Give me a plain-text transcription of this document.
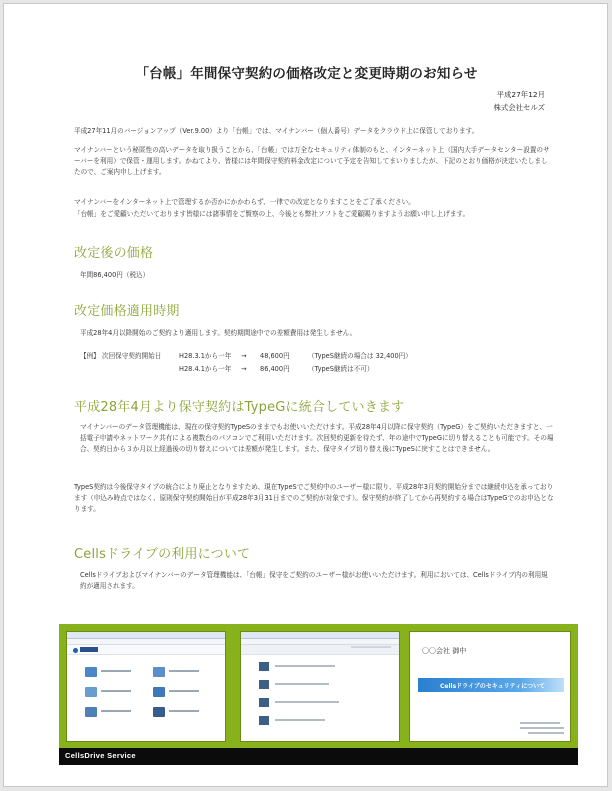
「台帳」年間保守契約の価格改定と変更時期のお知らせ
平成27年12月
株式会社セルズ
平成27年11月のバージョンアップ（Ver.9.00）より「台帳」では、マイナンバー（個人番号）データをクラウド上に保管しております。
マイナンバーという秘匿性の高いデータを取り扱うことから、「台帳」では万全なセキュリティ体制のもと、インターネット上（国内大手データセンター設置のサーバーを利用）で保管・運用します。かねてより、皆様には年間保守契約料金改定について予定を告知してまいりましたが、下記のとおり価格が決定いたしましたので、ご案内申し上げます。
マイナンバーをインターネット上で管理するか否かにかかわらず、一律での改定となりますことをご了承ください。
「台帳」をご愛顧いただいております皆様には諸事情をご賢察の上、今後とも弊社ソフトをご愛顧賜りますようお願い申し上げます。
改定後の価格
年間86,400円（税込）
改定価格適用時期
平成28年4月以降開始のご契約より適用します。契約期間途中での差額費用は発生しません。
【例】 次回保守契約開始日	H28.3.1から一年 → 48,600円	（TypeS継続の場合は 32,400円）
H28.4.1から一年 → 86,400円	（TypeS継続は不可）
平成28年4月より保守契約はTypeGに統合していきます
マイナンバーのデータ管理機能は、現在の保守契約TypeSのままでもお使いいただけます。平成28年4月以降に保守契約（TypeG）をご契約いただきますと、一括電子申請やネットワーク共有による複数台のパソコンでご利用いただけます。次回契約更新を待たず、年の途中でTypeGに切り替えることも可能です。その場合、契約日から３か月以上経過後の切り替えについては差額が発生します。また、保守タイプ切り替え後にTypeSに戻すことはできません。
TypeS契約は今後保守タイプの統合により廃止となりますため、現在TypeSでご契約中のユーザー様に限り、平成28年3月契約開始分までは継続申込を承っております（申込み時点ではなく、原則保守契約開始日が平成28年3月31日までのご契約が対象です）。保守契約が終了してから再契約する場合はTypeGでのお申込となります。
Cellsドライブの利用について
Cellsドライブおよびマイナンバーのデータ管理機能は、「台帳」保守をご契約のユーザー様がお使いいただけます。利用においては、Cellsドライブ内の利用規約が適用されます。
〇〇会社 御中
Cellsドライブのセキュリティについて
CellsDrive Service
